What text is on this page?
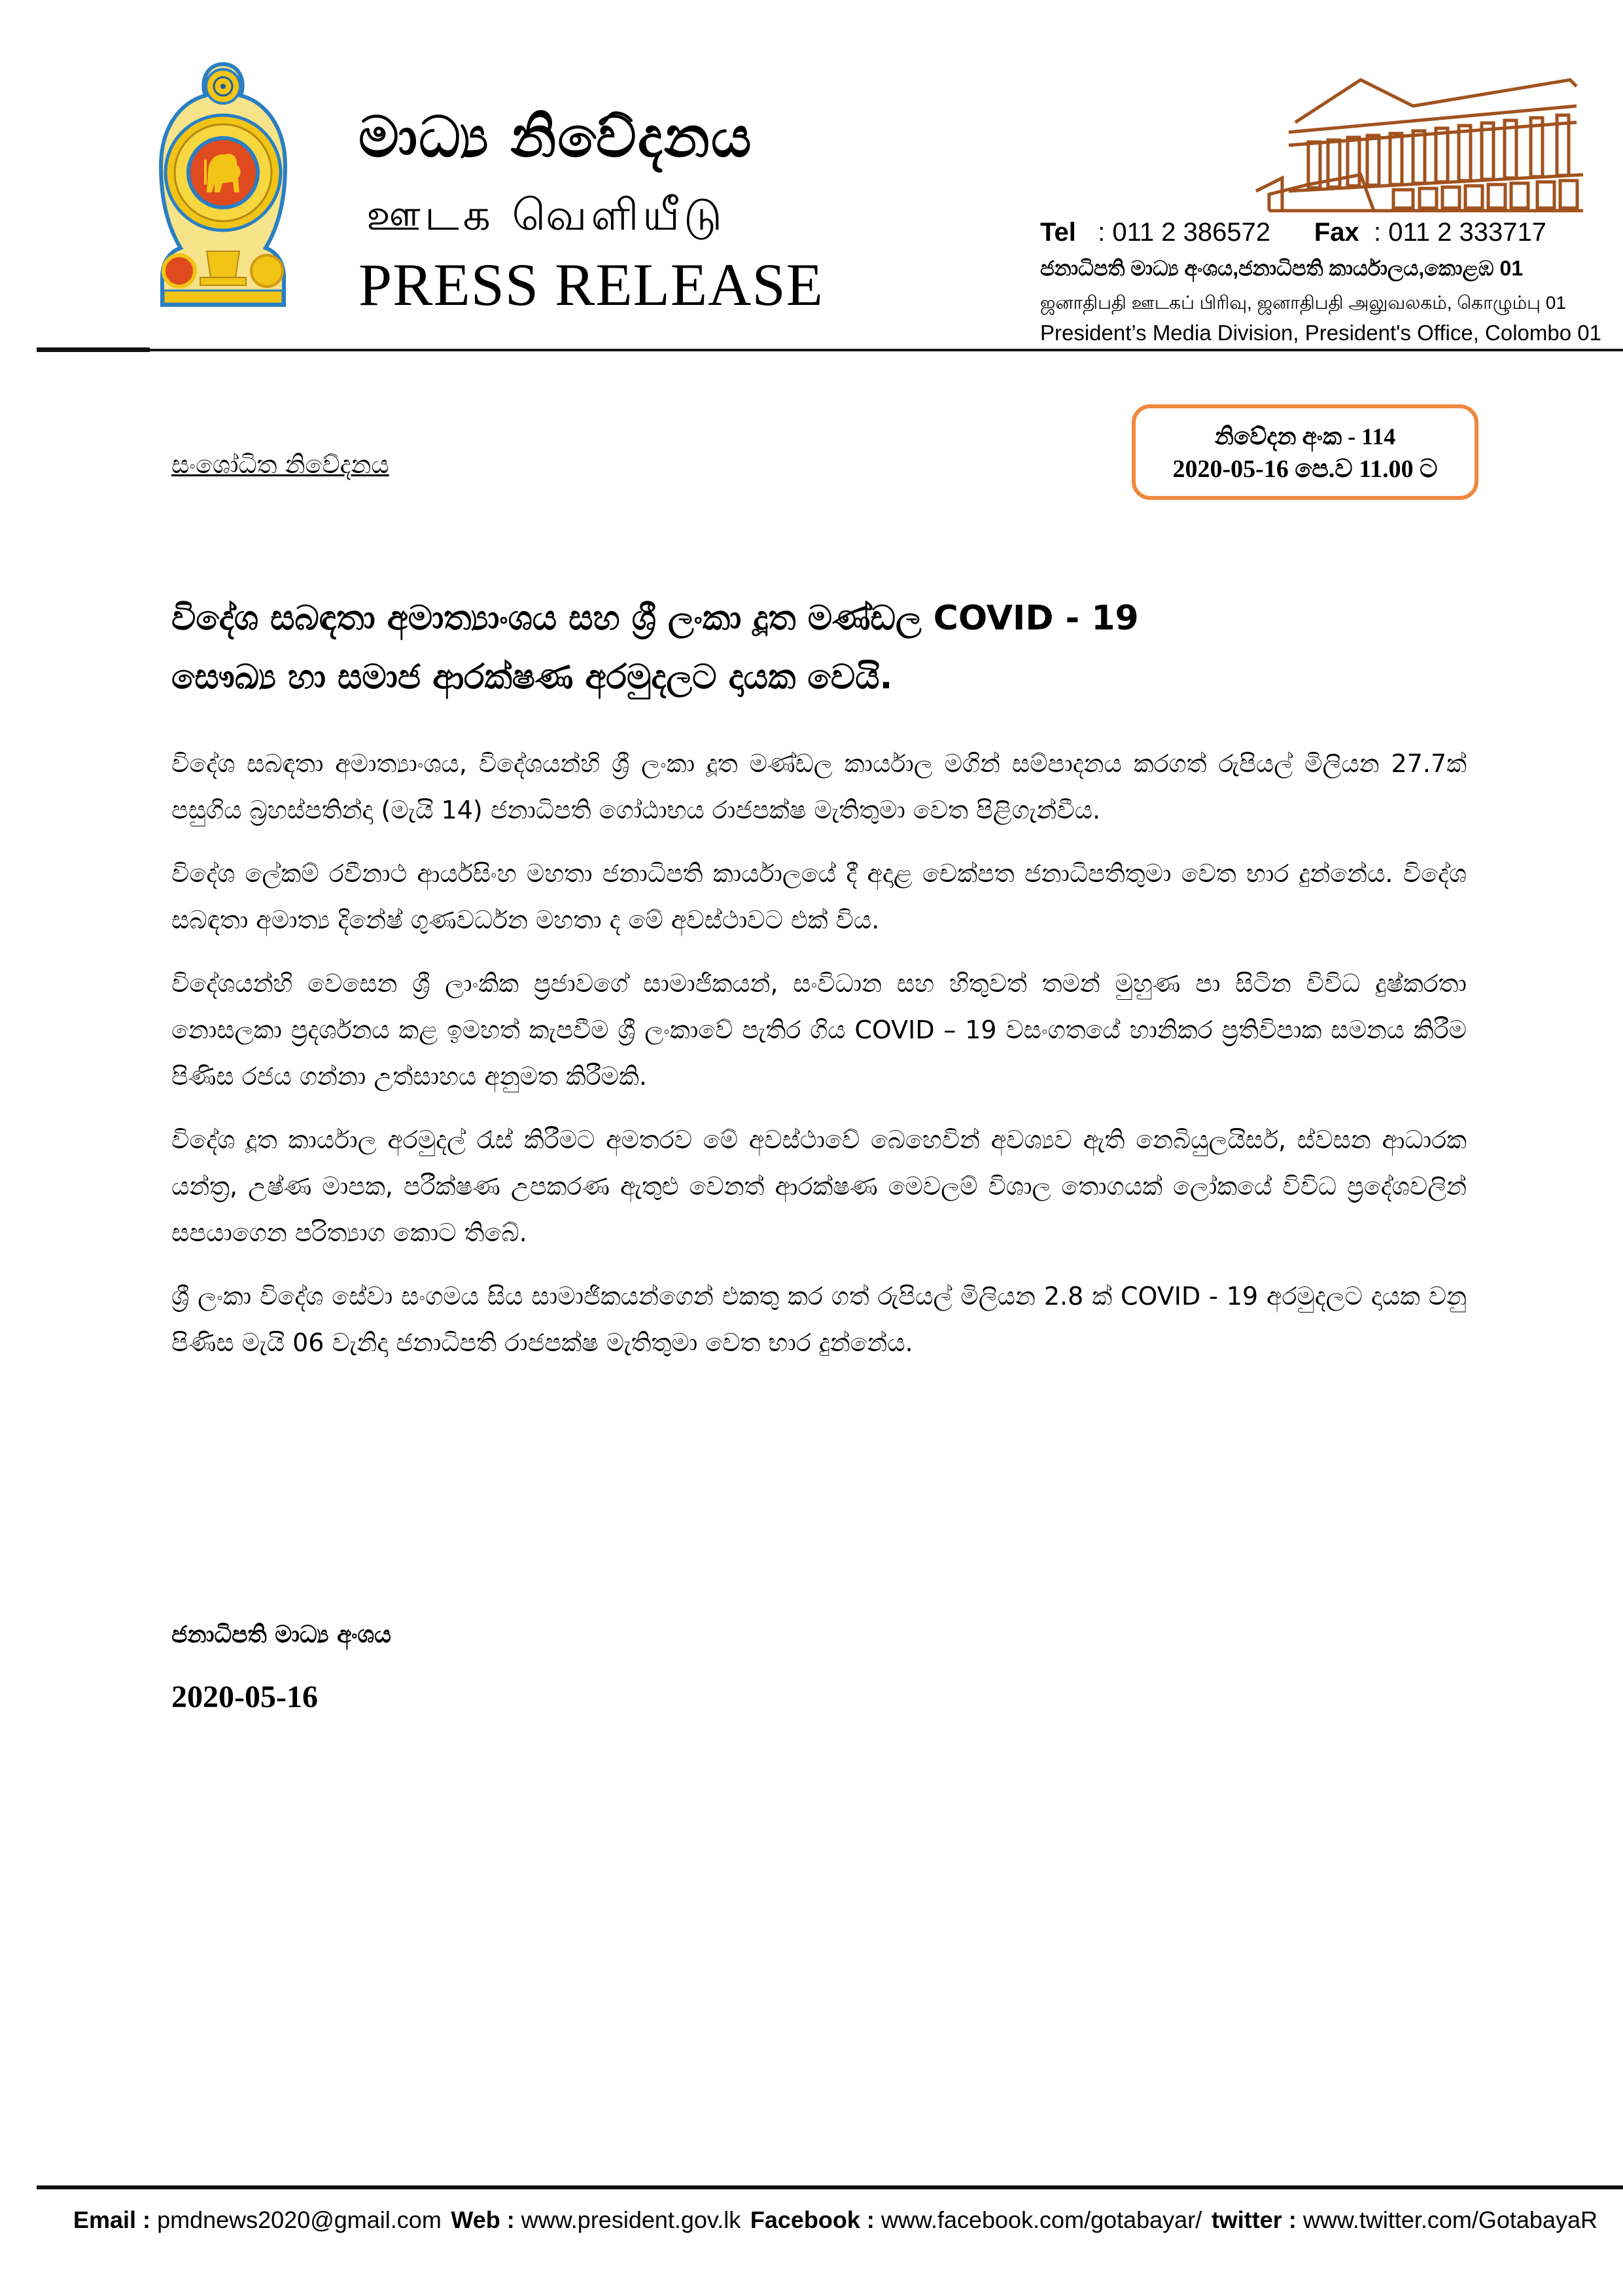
මාධ්‍ය නිවේදනය
ஊடக வெளியீடு
PRESS RELEASE
Tel : 011 2 386572 Fax : 011 2 333717
ජනාධිපති මාධ්‍ය අංශය,ජනාධිපති කාර්යාලය,කොළඹ 01
ஜனாதிபதி ஊடகப் பிரிவு, ஜனாதிபதி அலுவலகம், கொழும்பு 01
President’s Media Division, President's Office, Colombo 01
සංශෝධිත නිවේදනය
නිවේදන අංක - 114
2020-05-16 පෙ.ව 11.00 ට
විදේශ සබඳතා අමාත්‍යාංශය සහ ශ්‍රී ලංකා දූත මණ්ඩල COVID - 19
සෞඛ්‍ය හා සමාජ ආරක්ෂණ අරමුදලට දායක වෙයි.

විදේශ සබඳතා අමාත්‍යාංශය, විදේශයන්හි ශ්‍රී ලංකා දූත මණ්ඩල කාර්යාල මගින් සම්පාදනය කරගත් රුපියල් මිලියන 27.7ක් පසුගිය බ්‍රහස්පතින්දා (මැයි 14) ජනාධිපති ගෝඨාභය රාජපක්ෂ මැතිතුමා වෙත පිළිගැන්වීය.

විදේශ ලේකම් රවීනාථ ආර්යසිංහ මහතා ජනාධිපති කාර්යාලයේ දී අදාළ චෙක්පත ජනාධිපතිතුමා වෙත භාර දුන්නේය. විදේශ සබඳතා අමාත්‍ය දිනේෂ් ගුණවර්ධන මහතා ද මේ අවස්ථාවට එක් විය.

විදේශයන්හි වෙසෙන ශ්‍රී ලාංකික ප්‍රජාවගේ සාමාජිකයන්, සංවිධාන සහ හිතුවත් තමන් මුහුණ පා සිටින විවිධ දුෂ්කරතා නොසලකා ප්‍රදර්ශනය කළ ඉමහත් කැපවීම ශ්‍රී ලංකාවේ පැතිර ගිය COVID – 19 වසංගතයේ හානිකර ප්‍රතිවිපාක සමනය කිරීම පිණිස රජය ගන්නා උත්සාහය අනුමත කිරීමකි.

විදේශ දූත කාර්යාල අරමුදල් රැස් කිරීමට අමතරව මේ අවස්ථාවේ බෙහෙවින් අවශ්‍යව ඇති නෙබියුලයිසර්, ස්වසන ආධාරක යන්ත්‍ර, උෂ්ණ මාපක, පරීක්ෂණ උපකරණ ඇතුළු වෙනත් ආරක්ෂණ මෙවලම් විශාල තොගයක් ලෝකයේ විවිධ ප්‍රදේශවලින් සපයාගෙන පරිත්‍යාග කොට තිබේ.

ශ්‍රී ලංකා විදේශ සේවා සංගමය සිය සාමාජිකයන්ගෙන් එකතු කර ගත් රුපියල් මිලියන 2.8 ක් COVID - 19 අරමුදලට දායක වනු පිණිස මැයි 06 වැනිදා ජනාධිපති රාජපක්ෂ මැතිතුමා වෙත භාර දුන්නේය.

ජනාධිපති මාධ්‍ය අංශය
2020-05-16
Email : pmdnews2020@gmail.com Web : www.president.gov.lk Facebook : www.facebook.com/gotabayar/ twitter : www.twitter.com/GotabayaR
